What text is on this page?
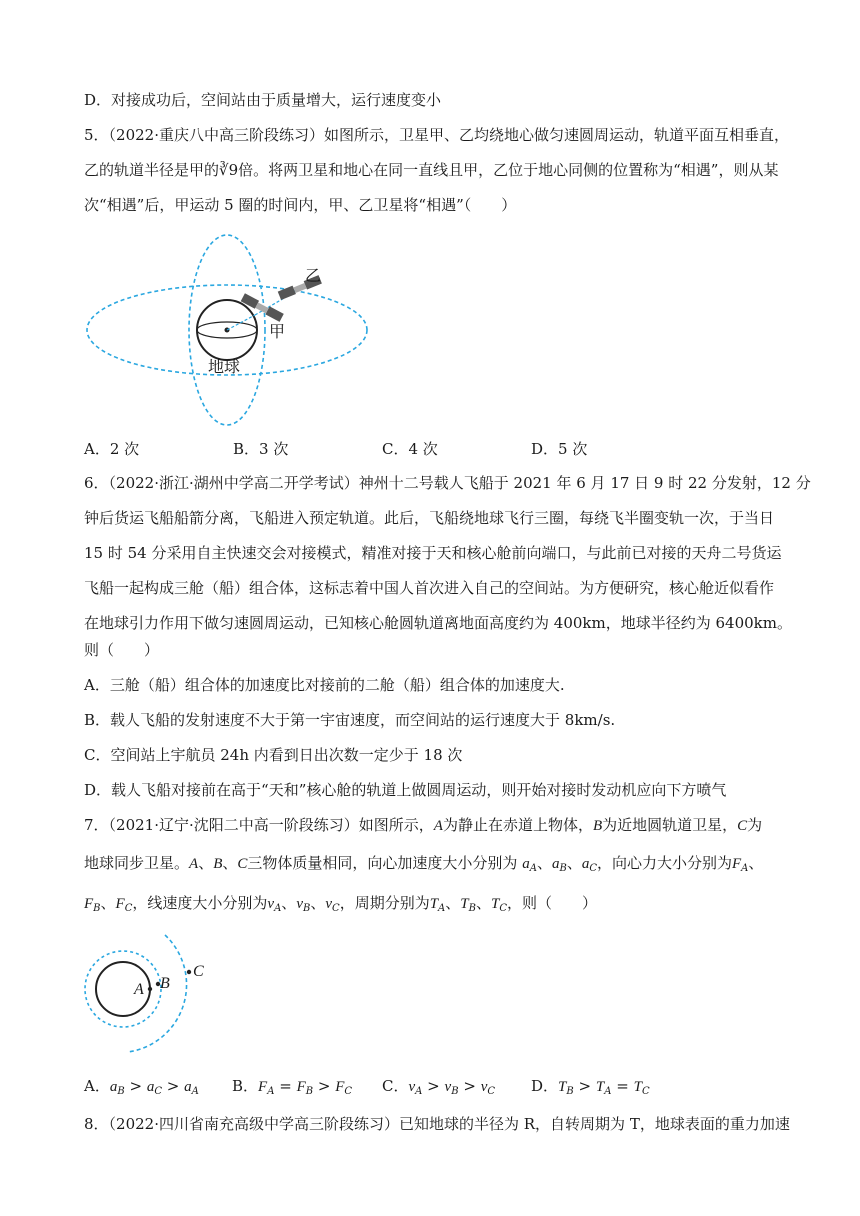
D．对接成功后，空间站由于质量增大，运行速度变小
5．（2022·重庆八中高三阶段练习）如图所示，卫星甲、乙均绕地心做匀速圆周运动，轨道平面互相垂直，
乙的轨道半径是甲的∛9倍。将两卫星和地心在同一直线且甲，乙位于地心同侧的位置称为“相遇”，则从某
次“相遇”后，甲运动 5 圈的时间内，甲、乙卫星将“相遇”（　　）
地球
甲
乙
A．2 次	B．3 次	C．4 次	D．5 次
6．（2022·浙江·湖州中学高二开学考试）神州十二号载人飞船于 2021 年 6 月 17 日 9 时 22 分发射，12 分
钟后货运飞船船箭分离，飞船进入预定轨道。此后，飞船绕地球飞行三圈，每绕飞半圈变轨一次，于当日
15 时 54 分采用自主快速交会对接模式，精准对接于天和核心舱前向端口，与此前已对接的天舟二号货运
飞船一起构成三舱（船）组合体，这标志着中国人首次进入自己的空间站。为方便研究，核心舱近似看作
在地球引力作用下做匀速圆周运动，已知核心舱圆轨道离地面高度约为 400km，地球半径约为 6400km。
则（　　）
A．三舱（船）组合体的加速度比对接前的二舱（船）组合体的加速度大.
B．载人飞船的发射速度不大于第一宇宙速度，而空间站的运行速度大于 8km/s.
C．空间站上宇航员 24h 内看到日出次数一定少于 18 次
D．载人飞船对接前在高于“天和”核心舱的轨道上做圆周运动，则开始对接时发动机应向下方喷气
7．（2021·辽宁·沈阳二中高一阶段练习）如图所示，A为静止在赤道上物体，B为近地圆轨道卫星，C为
地球同步卫星。A、B、C三物体质量相同，向心加速度大小分别为 $a_A$、$a_B$、$a_C$，向心力大小分别为$F_A$、
$F_B$、$F_C$，线速度大小分别为$v_A$、$v_B$、$v_C$，周期分别为$T_A$、$T_B$、$T_C$，则（　　）
A B
C
A．$a_B > a_C > a_A$ B．$F_A = F_B > F_C$ C．$v_A > v_B > v_C$ D．$T_B > T_A = T_C$
8．（2022·四川省南充高级中学高三阶段练习）已知地球的半径为 R，自转周期为 T，地球表面的重力加速
